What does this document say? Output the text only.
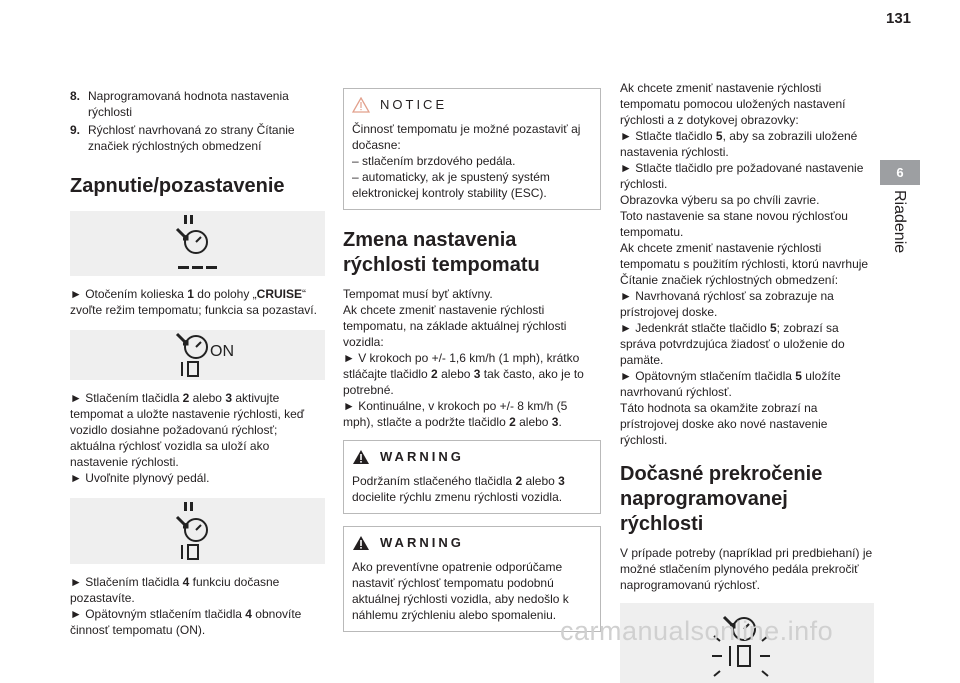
131
6
Riadenie
8. Naprogramovaná hodnota nastavenia rýchlosti
9. Rýchlosť navrhovaná zo strany Čítanie značiek rýchlostných obmedzení
Zapnutie/pozastavenie

► Otočením kolieska 1 do polohy „CRUISE“ zvoľte režim tempomatu; funkcia sa pozastaví.

ON

► Stlačením tlačidla 2 alebo 3 aktivujte tempomat a uložte nastavenie rýchlosti, keď vozidlo dosiahne požadovanú rýchlosť; aktuálna rýchlosť vozidla sa uloží ako nastavenie rýchlosti.

► Uvoľnite plynový pedál.

► Stlačením tlačidla 4 funkciu dočasne pozastavíte.

► Opätovným stlačením tlačidla 4 obnovíte činnosť tempomatu (ON).

NOTICE

Činnosť tempomatu je možné pozastaviť aj dočasne:

– stlačením brzdového pedála.

– automaticky, ak je spustený systém elektronickej kontroly stability (ESC).

Zmena nastavenia rýchlosti tempomatu

Tempomat musí byť aktívny.

Ak chcete zmeniť nastavenie rýchlosti tempomatu, na základe aktuálnej rýchlosti vozidla:

► V krokoch po +/- 1,6 km/h (1 mph), krátko stláčajte tlačidlo 2 alebo 3 tak často, ako je to potrebné.

► Kontinuálne, v krokoch po +/- 8 km/h (5 mph), stlačte a podržte tlačidlo 2 alebo 3.

WARNING

Podržaním stlačeného tlačidla 2 alebo 3 docielite rýchlu zmenu rýchlosti vozidla.

WARNING

Ako preventívne opatrenie odporúčame nastaviť rýchlosť tempomatu podobnú aktuálnej rýchlosti vozidla, aby nedošlo k náhlemu zrýchleniu alebo spomaleniu.

Ak chcete zmeniť nastavenie rýchlosti tempomatu pomocou uložených nastavení rýchlosti a z dotykovej obrazovky:

► Stlačte tlačidlo 5, aby sa zobrazili uložené nastavenia rýchlosti.

► Stlačte tlačidlo pre požadované nastavenie rýchlosti.

Obrazovka výberu sa po chvíli zavrie.

Toto nastavenie sa stane novou rýchlosťou tempomatu.

Ak chcete zmeniť nastavenie rýchlosti tempomatu s použitím rýchlosti, ktorú navrhuje Čítanie značiek rýchlostných obmedzení:

► Navrhovaná rýchlosť sa zobrazuje na prístrojovej doske.

► Jedenkrát stlačte tlačidlo 5; zobrazí sa správa potvrdzujúca žiadosť o uloženie do pamäte.

► Opätovným stlačením tlačidla 5 uložíte navrhovanú rýchlosť.

Táto hodnota sa okamžite zobrazí na prístrojovej doske ako nové nastavenie rýchlosti.

Dočasné prekročenie naprogramovanej rýchlosti

V prípade potreby (napríklad pri predbiehaní) je možné stlačením plynového pedála prekročiť naprogramovanú rýchlosť.

carmanualsonline.info
